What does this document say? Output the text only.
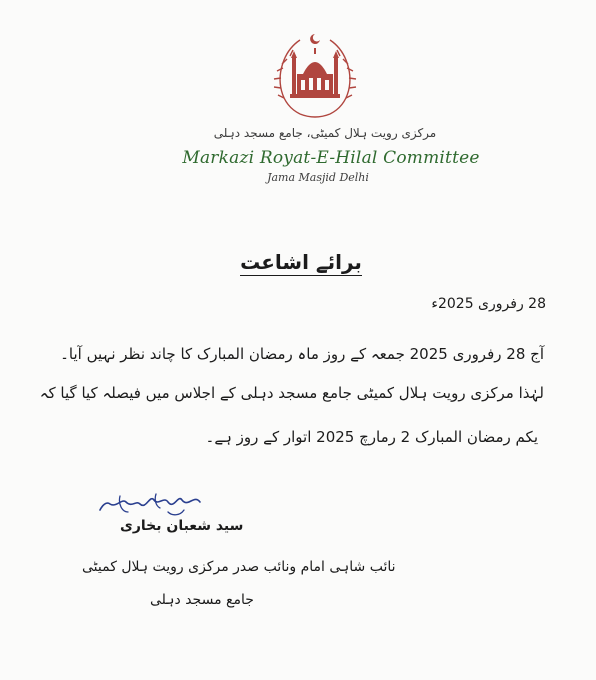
مرکزی رویت ہلال کمیٹی، جامع مسجد دہلی
Markazi Royat-E-Hilal Committee
Jama Masjid Delhi
برائے اشاعت
28 رفروری 2025ء
آج 28 رفروری 2025 جمعہ کے روز ماہ رمضان المبارک کا چاند نظر نہیں آیا۔
لہٰذا مرکزی رویت ہلال کمیٹی جامع مسجد دہلی کے اجلاس میں فیصلہ کیا گیا کہ
یکم رمضان المبارک 2 رمارچ 2025 اتوار کے روز ہے۔
سید شعبان بخاری
نائب شاہی امام ونائب صدر مرکزی رویت ہلال کمیٹی
جامع مسجد دہلی
